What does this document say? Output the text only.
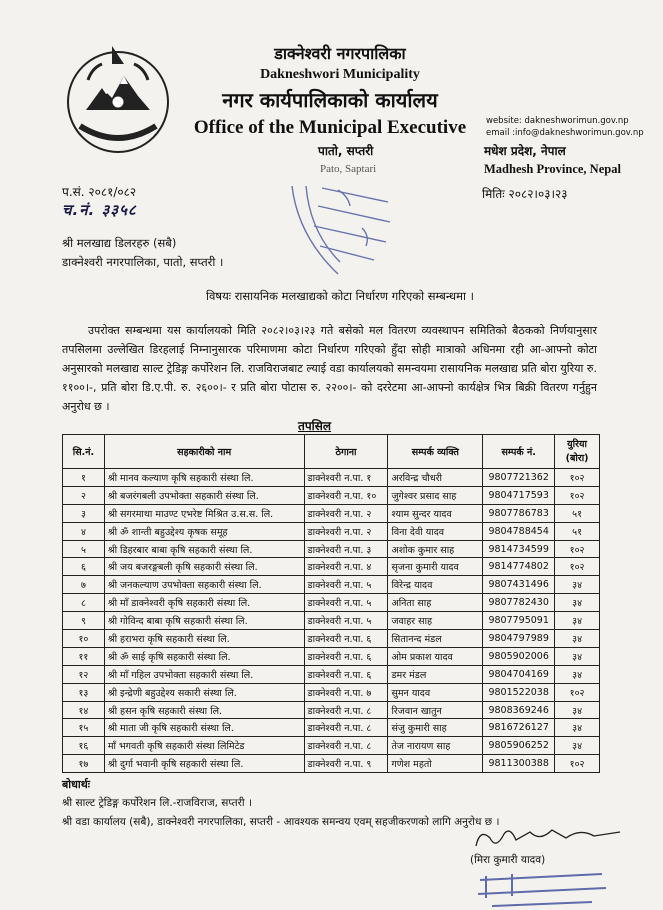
डाक्नेश्वरी नगरपालिका
Dakneshwori Municipality
नगर कार्यपालिकाको कार्यालय
Office of the Municipal Executive	website: dakneshworimun.gov.np
email :info@dakneshworimun.gov.np
पातो, सप्तरी
Pato, Saptari
मधेश प्रदेश, नेपाल
Madhesh Province, Nepal
प.सं. २०८१/०८२
च.नं. ३३५८
मितिः २०८२।०३।२३
श्री मलखाद्य डिलरहरु (सबै)
डाक्नेश्वरी नगरपालिका, पातो, सप्तरी ।
विषयः रासायनिक मलखाद्यको कोटा निर्धारण गरिएको सम्बन्धमा ।
उपरोक्त सम्बन्धमा यस कार्यालयको मिति २०८२।०३।२३ गते बसेको मल वितरण व्यवस्थापन समितिको बैठकको निर्णयानुसार तपसिलमा उल्लेखित डिरहलाई निम्नानुसारक परिमाणमा कोटा निर्धारण गरिएको हुँदा सोही मात्राको अधिनमा रही आ-आफ्नो कोटा अनुसारको मलखाद्य साल्ट ट्रेडिङ्ग कर्पोरेशन लि. राजविराजबाट ल्याई वडा कार्यालयको समन्वयमा रासायनिक मलखाद्य प्रति बोरा युरिया रु. ११००।-, प्रति बोरा डि.ए.पी. रु. २६००।- र प्रति बोरा पोटास रु. २२००।- को दररेटमा आ-आफ्नो कार्यक्षेत्र भित्र बिक्री वितरण गर्नुहुन अनुरोध छ ।
तपसिल
सि.नं.	सहकारीको नाम	ठेगाना	सम्पर्क व्यक्ति	सम्पर्क नं.	युरिया (बोरा)
१	श्री मानव कल्याण कृषि सहकारी संस्था लि.	डाक्नेश्वरी न.पा. १	अरविन्द्र चौधरी	9807721362	१०२
२	श्री बजरंगबली उपभोक्ता सहकारी संस्था लि.	डाक्नेश्वरी न.पा. १०	जुगेश्वर प्रसाद साह	9804717593	१०२
३	श्री सगरमाथा माउण्ट एभरेष्ट मिश्रित उ.स.स. लि.	डाक्नेश्वरी न.पा. २	श्याम सुन्दर यादव	9807786783	५१
४	श्री ॐ शान्ती बहुउद्देश्य कृषक समूह	डाक्नेश्वरी न.पा. २	विना देवी यादव	9804788454	५१
५	श्री डिहरबार बाबा कृषि सहकारी संस्था लि.	डाक्नेश्वरी न.पा. ३	अशोक कुमार साह	9814734599	१०२
६	श्री जय बजरङ्गबली कृषि सहकारी संस्था लि.	डाक्नेश्वरी न.पा. ४	सृजना कुमारी यादव	9814774802	१०२
७	श्री जनकल्याण उपभोक्ता सहकारी संस्था लि.	डाक्नेश्वरी न.पा. ५	विरेन्द्र यादव	9807431496	३४
८	श्री माँ डाक्नेश्वरी कृषि सहकारी संस्था लि.	डाक्नेश्वरी न.पा. ५	अनिता साह	9807782430	३४
९	श्री गोविन्द बाबा कृषि सहकारी संस्था लि.	डाक्नेश्वरी न.पा. ५	जवाहर साह	9807795091	३४
१०	श्री हराभरा कृषि सहकारी संस्था लि.	डाक्नेश्वरी न.पा. ६	सितानन्द मंडल	9804797989	३४
११	श्री ॐ साई कृषि सहकारी संस्था लि.	डाक्नेश्वरी न.पा. ६	ओम प्रकाश यादव	9805902006	३४
१२	श्री माँ गहिल उपभोक्ता सहकारी संस्था लि.	डाक्नेश्वरी न.पा. ६	डमर मंडल	9804704169	३४
१३	श्री इन्द्रेणी बहुउद्देश्य सकारी संस्था लि.	डाक्नेश्वरी न.पा. ७	सुमन यादव	9801522038	१०२
१४	श्री हसन कृषि सहकारी संस्था लि.	डाक्नेश्वरी न.पा. ८	रिजवान खातुन	9808369246	३४
१५	श्री माता जी कृषि सहकारी संस्था लि.	डाक्नेश्वरी न.पा. ८	संजु कुमारी साह	9816726127	३४
१६	माँ भगवती कृषि सहकारी संस्था लिमिटेड	डाक्नेश्वरी न.पा. ८	तेज नारायण साह	9805906252	३४
१७	श्री दुर्गा भवानी कृषि सहकारी संस्था लि.	डाक्नेश्वरी न.पा. ९	गणेश महतो	9811300388	१०२
बोधार्थः
श्री साल्ट ट्रेडिङ्ग कर्पोरेशन लि.-राजविराज, सप्तरी ।
श्री वडा कार्यालय (सबै), डाक्नेश्वरी नगरपालिका, सप्तरी - आवश्यक समन्वय एवम् सहजीकरणको लागि अनुरोध छ ।
(मिरा कुमारी यादव)
